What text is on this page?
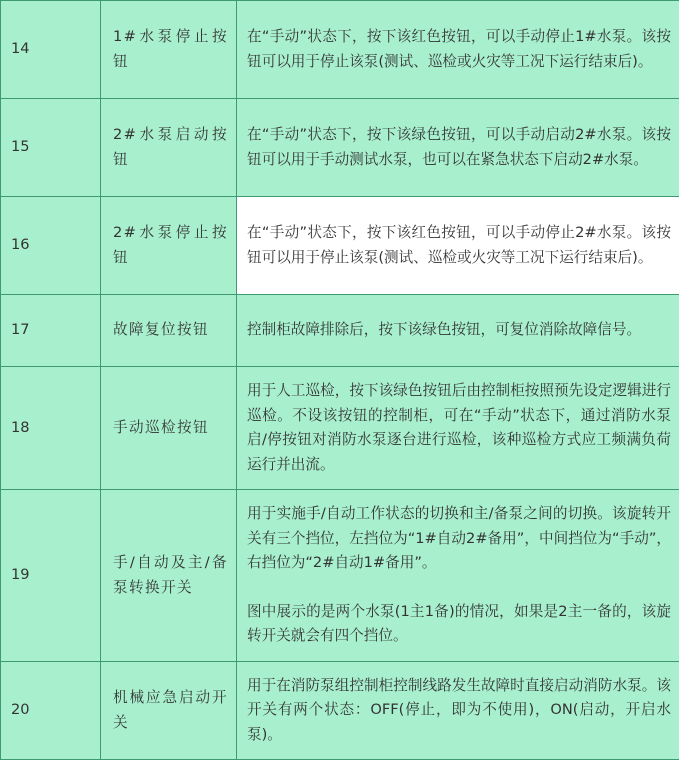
14	1#水泵停止按钮	在“手动”状态下，按下该红色按钮，可以手动停止1#水泵。该按钮可以用于停止该泵(测试、巡检或火灾等工况下运行结束后)。
15	2#水泵启动按钮	在“手动”状态下，按下该绿色按钮，可以手动启动2#水泵。该按钮可以用于手动测试水泵，也可以在紧急状态下启动2#水泵。
16	2#水泵停止按钮	在“手动”状态下，按下该红色按钮，可以手动停止2#水泵。该按钮可以用于停止该泵(测试、巡检或火灾等工况下运行结束后)。
17	故障复位按钮	控制柜故障排除后，按下该绿色按钮，可复位消除故障信号。
18	手动巡检按钮	用于人工巡检，按下该绿色按钮后由控制柜按照预先设定逻辑进行巡检。不设该按钮的控制柜，可在“手动”状态下，通过消防水泵启/停按钮对消防水泵逐台进行巡检，该种巡检方式应工频满负荷运行并出流。
19	手/自动及主/备泵转换开关	用于实施手/自动工作状态的切换和主/备泵之间的切换。该旋转开关有三个挡位，左挡位为“1#自动2#备用”，中间挡位为“手动”，右挡位为“2#自动1#备用”。
图中展示的是两个水泵(1主1备)的情况，如果是2主一备的，该旋转开关就会有四个挡位。

20	机械应急启动开关	用于在消防泵组控制柜控制线路发生故障时直接启动消防水泵。该开关有两个状态：OFF(停止，即为不使用)，ON(启动，开启水泵)。
